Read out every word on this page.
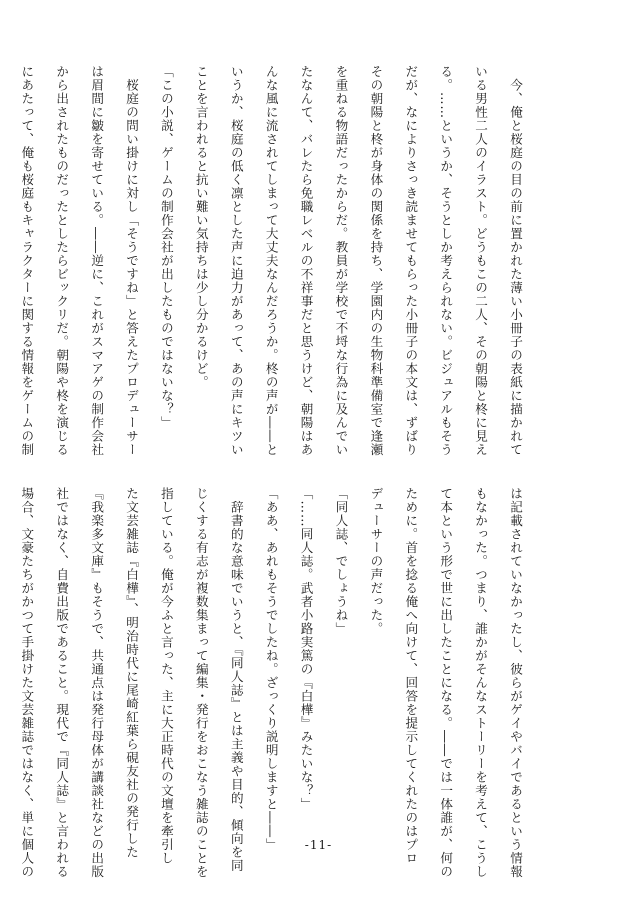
　今、俺と桜庭の目の前に置かれた薄い小冊子の表紙に描かれて
いる男性二人のイラスト。どうもこの二人、その朝陽と柊に見え
る。……というか、そうとしか考えられない。ビジュアルもそう
だが、なによりさっき読ませてもらった小冊子の本文は、ずばり
その朝陽と柊が身体の関係を持ち、学園内の生物科準備室で逢瀬
を重ねる物語だったからだ。教員が学校で不埒な行為に及んでい
たなんて、バレたら免職レベルの不祥事だと思うけど、朝陽はあ
んな風に流されてしまって大丈夫なんだろうか。柊の声が――と
いうか、桜庭の低く凛とした声に迫力があって、あの声にキツい
ことを言われると抗い難い気持ちは少し分かるけど。
「この小説、ゲームの制作会社が出したものではないな？」
　桜庭の問い掛けに対し「そうですね」と答えたプロデューサー
は眉間に皺を寄せている。――逆に、これがスマアゲの制作会社
から出されたものだったとしたらビックリだ。朝陽や柊を演じる
にあたって、俺も桜庭もキャラクターに関する情報をゲームの制
は記載されていなかったし、彼らがゲイやバイであるという情報
もなかった。つまり、誰かがそんなストーリーを考えて、こうし
て本という形で世に出したことになる。――では一体誰が、何の
ために。首を捻る俺へ向けて、回答を提示してくれたのはプロ
デューサーの声だった。
「同人誌、でしょうね」
「……同人誌。武者小路実篤の『白樺』みたいな？」
「ああ、あれもそうでしたね。ざっくり説明しますと――」
　辞書的な意味でいうと、『同人誌』とは主義や目的、傾向を同
じくする有志が複数集まって編集・発行をおこなう雑誌のことを
指している。俺が今ふと言った、主に大正時代の文壇を牽引し
た文芸雑誌『白樺』、明治時代に尾崎紅葉ら硯友社の発行した
『我楽多文庫』もそうで、共通点は発行母体が講談社などの出版
社ではなく、自費出版であること。現代で『同人誌』と言われる
場合、文豪たちがかつて手掛けた文芸雑誌ではなく、単に個人の	-11-
